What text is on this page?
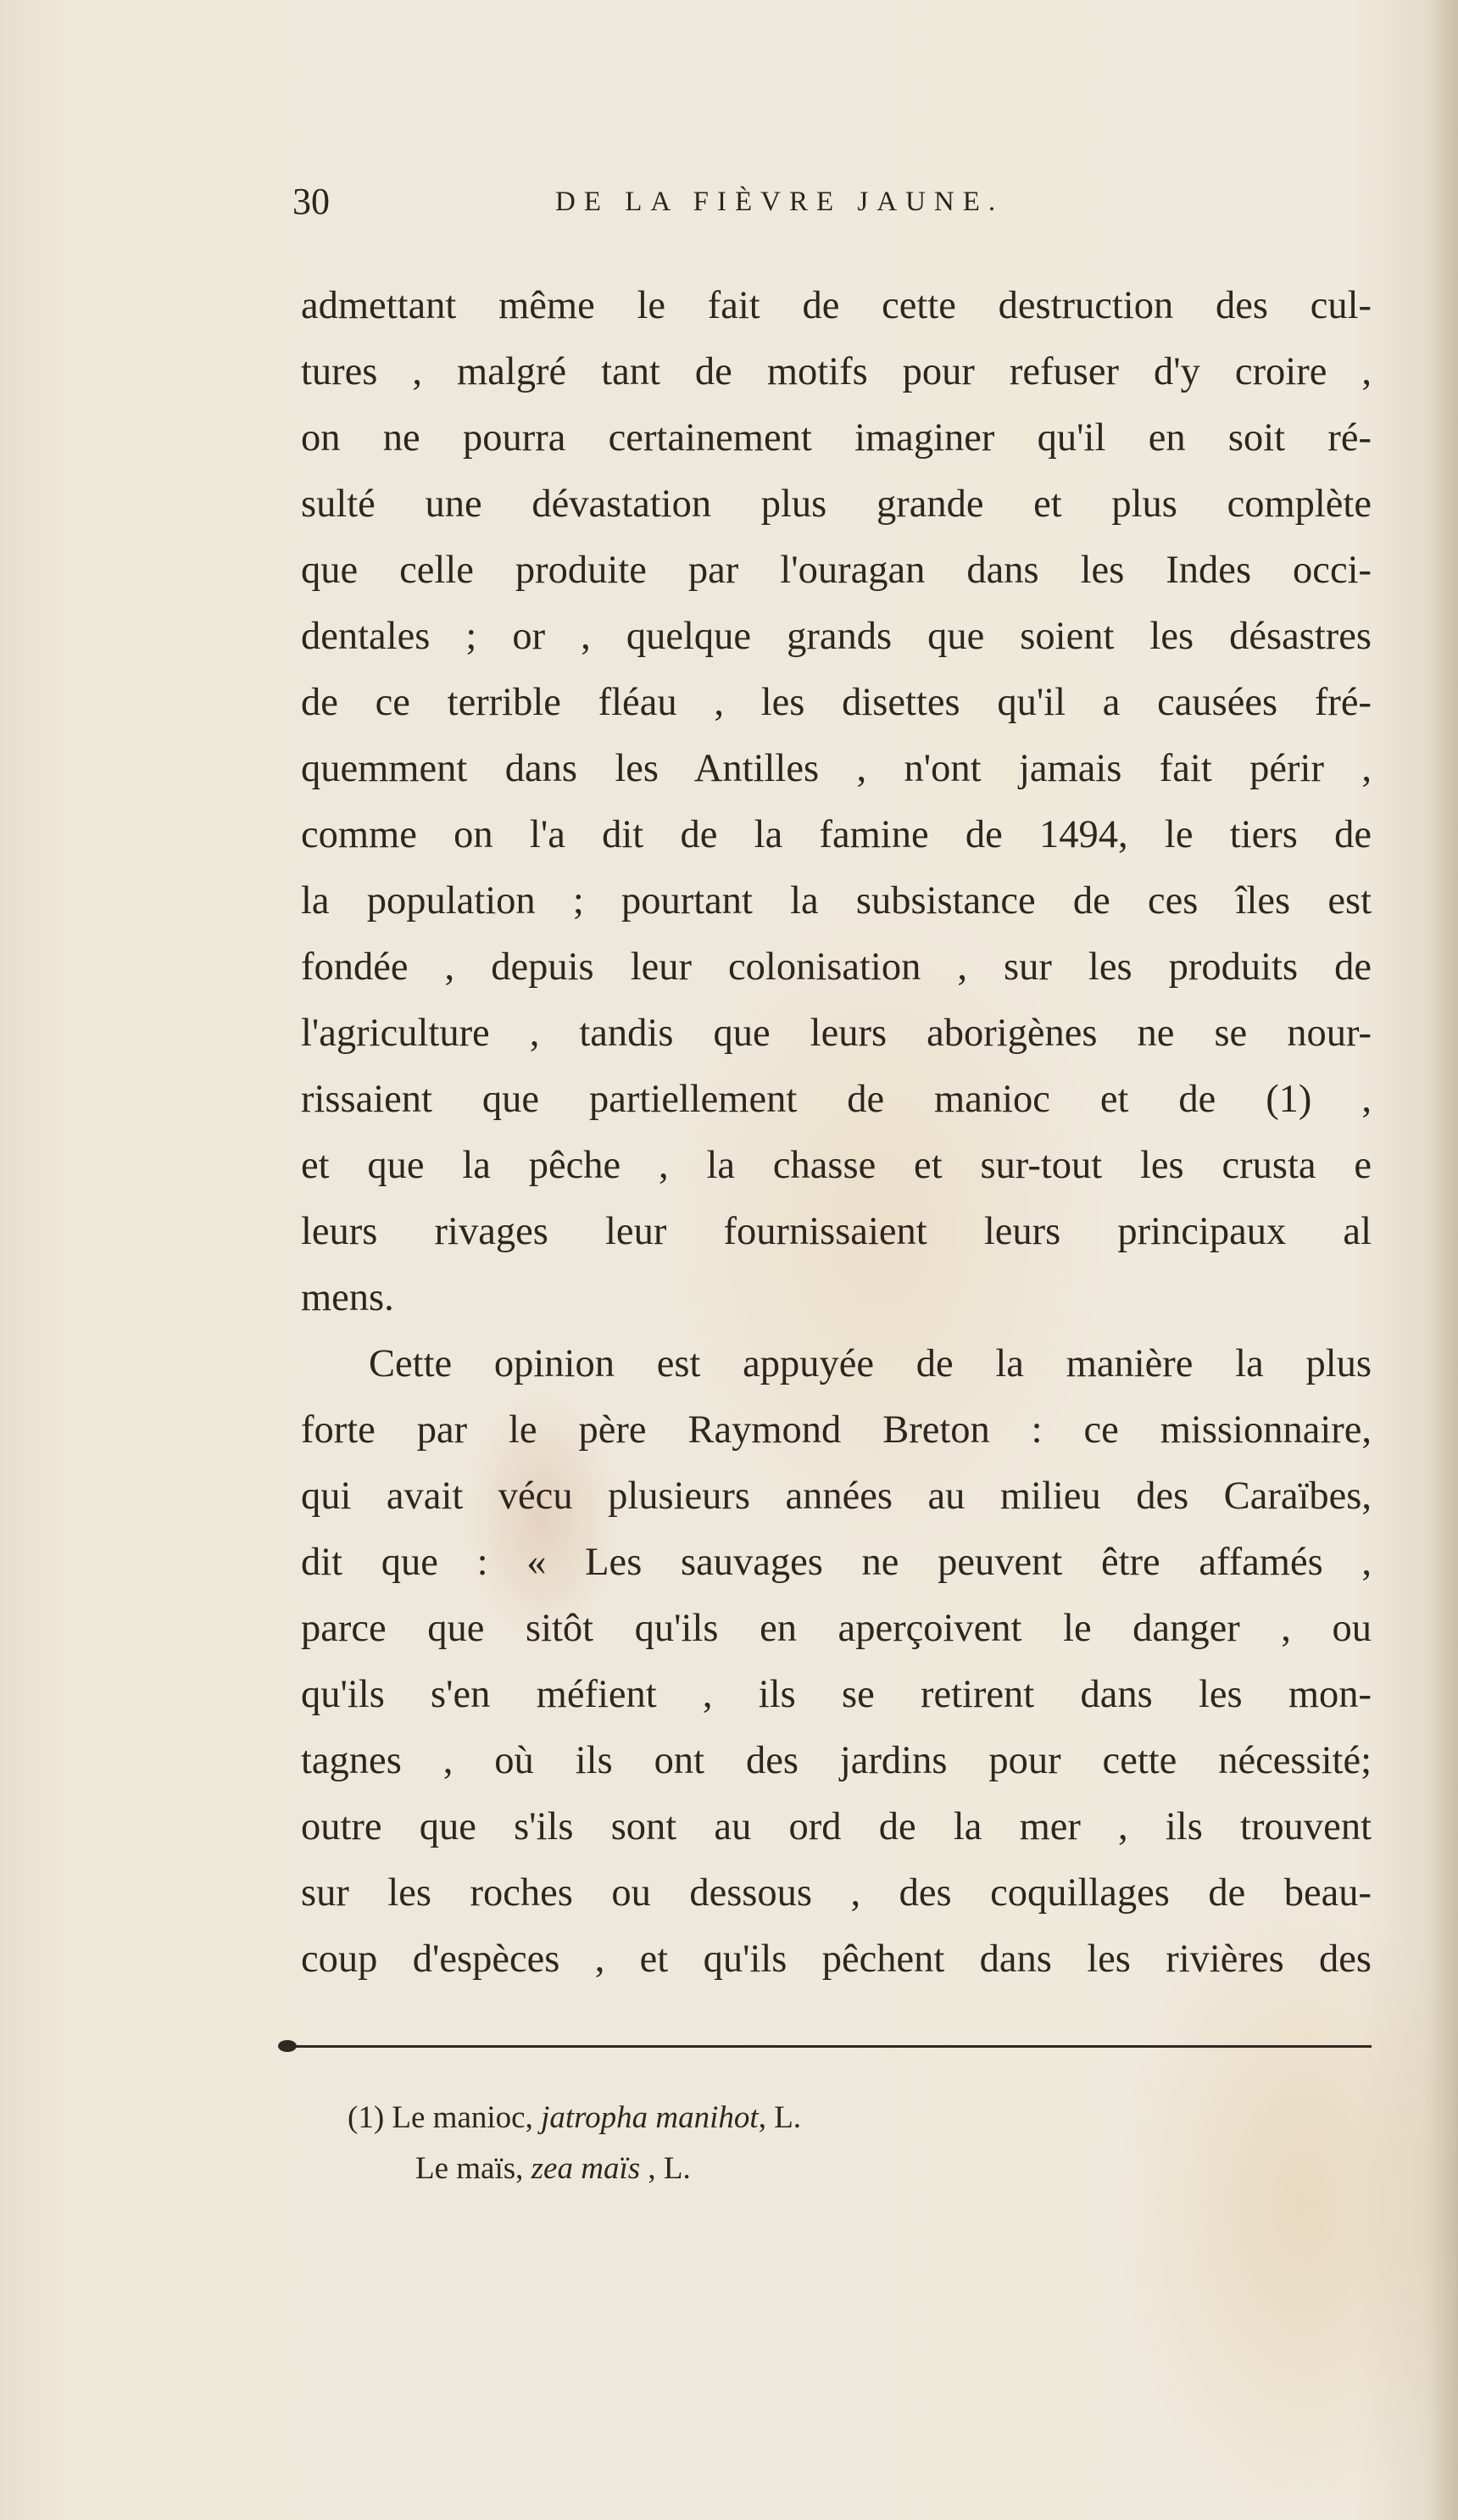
30	DE LA FIÈVRE JAUNE.
admettant même le fait de cette destruction des cul-
tures , malgré tant de motifs pour refuser d'y croire ,
on ne pourra certainement imaginer qu'il en soit ré-
sulté une dévastation plus grande et plus complète
que celle produite par l'ouragan dans les Indes occi-
dentales ; or , quelque grands que soient les désastres
de ce terrible fléau , les disettes qu'il a causées fré-
quemment dans les Antilles , n'ont jamais fait périr ,
comme on l'a dit de la famine de 1494, le tiers de
la population ; pourtant la subsistance de ces îles est
fondée , depuis leur colonisation , sur les produits de
l'agriculture , tandis que leurs aborigènes ne se nour-
rissaient que partiellement de manioc et de (1) ,
et que la pêche , la chasse et sur-tout les crusta e
leurs rivages leur fournissaient leurs principaux al
mens.
Cette opinion est appuyée de la manière la plus
forte par le père Raymond Breton : ce missionnaire,
qui avait vécu plusieurs années au milieu des Caraïbes,
dit que : « Les sauvages ne peuvent être affamés ,
parce que sitôt qu'ils en aperçoivent le danger , ou
qu'ils s'en méfient , ils se retirent dans les mon-
tagnes , où ils ont des jardins pour cette nécessité;
outre que s'ils sont au ord de la mer , ils trouvent
sur les roches ou dessous , des coquillages de beau-
coup d'espèces , et qu'ils pêchent dans les rivières des
(1) Le manioc, jatropha manihot, L.
Le maïs, zea maïs , L.
